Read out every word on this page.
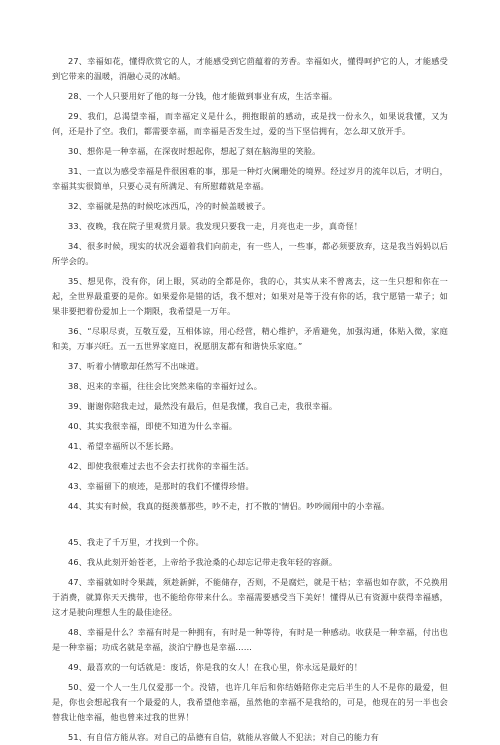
27、幸福如花，懂得欣赏它的人，才能感受到它茴蕴着的芳香。幸福如火，懂得呵护它的人，才能感受到它带来的温暖，消融心灵的冰峭。

28、一个人只要用好了他的每一分钱，他才能做到事业有成，生活幸福。

29、我们，总渴望幸福，而幸福定义是什么，拥抱眼前的感动，或是找一份永久，如果说我懂，又为何，还是扑了空。我们，都需要幸福，而幸福是否发生过，爱的当下坚信拥有，怎么却又放开手。

30、想你是一种幸福，在深夜时想起你，想起了刻在脑海里的笑脸。

31、一直以为感受幸福是件很困难的事，那是一种灯火阑珊处的境界。经过岁月的流年以后，才明白，幸福其实很简单，只要心灵有所满足、有所慰藉就是幸福。

32、幸福就是热的时候吃冰西瓜，冷的时候盖暖被子。

33、夜晚，我在院子里观赏月景。我发现只要我一走，月亮也走一步，真奇怪！

34、很多时候，现实的状况会逼着我们向前走，有一些人，一些事，都必须要放弃，这是我当妈妈以后所学会的。

35、想见你，没有你，闭上眼，冥动的全都是你，我的心，其实从来不曾离去，这一生只想和你在一起，全世界最重要的是你。如果爱你是错的话，我不想对；如果对是等于没有你的话，我宁愿错一辈子；如果非要把着份爱加上一个期限，我希望是一万年。

36、“尽职尽责，互敬互爱，互相体谅，用心经营，精心维护，矛盾避免，加强沟通，体贴入微，家庭和美，万事兴旺。五一五世界家庭日，祝愿朋友都有和谐快乐家庭。”

37、听着小情歌却任然写不出味道。

38、迟来的幸福，往往会比突然来临的幸福好过么。

39、谢谢你陪我走过，最然没有最后，但是我懂，我自己走，我很幸福。

40、其实我很幸福，即使不知道为什么幸福。

41、希望幸福所以不惩长路。

42、即使我很难过去也不会去打扰你的幸福生活。

43、幸福留下的痕迹，是那时的我们不懂得珍惜。

44、其实有时候，我真的挺羡慕那些，吵不走，打不散的'情侣。吵吵闹闹中的小幸福。

45、我走了千万里，才找到一个你。

46、我从此刻开始苍老，上帝给予我沧桑的心却忘记带走我年轻的容颜。

47、幸福就如时令果蔬，须趁新鲜，不能储存，否则，不是腐烂，就是干枯；幸福也如存款，不兑换用于消费，就算你天天携带，也不能给你带来什么。幸福需要感受当下美好！懂得从已有资源中获得幸福感，这才是驶向理想人生的最佳途径。

48、幸福是什么？幸福有时是一种拥有，有时是一种等待，有时是一种感动。收获是一种幸福，付出也是一种幸福；功成名就是幸福，淡泊宁静也是幸福……

49、最喜欢的一句话就是：废话，你是我的女人！在我心里，你永远是最好的！

50、爱一个人一生几仅爱那一个。没错，也许几年后和你结婚陪你走完后半生的人不是你的最爱，但是，你也会想起我有一个最爱的人，我希望他幸福，虽然他的幸福不是我给的，可是，他现在的另一半也会替我让他幸福，他也曾来过我的世界！

51、有自信方能从容。对自己的品德有自信，就能从容做人不犯法；对自己的能力有
